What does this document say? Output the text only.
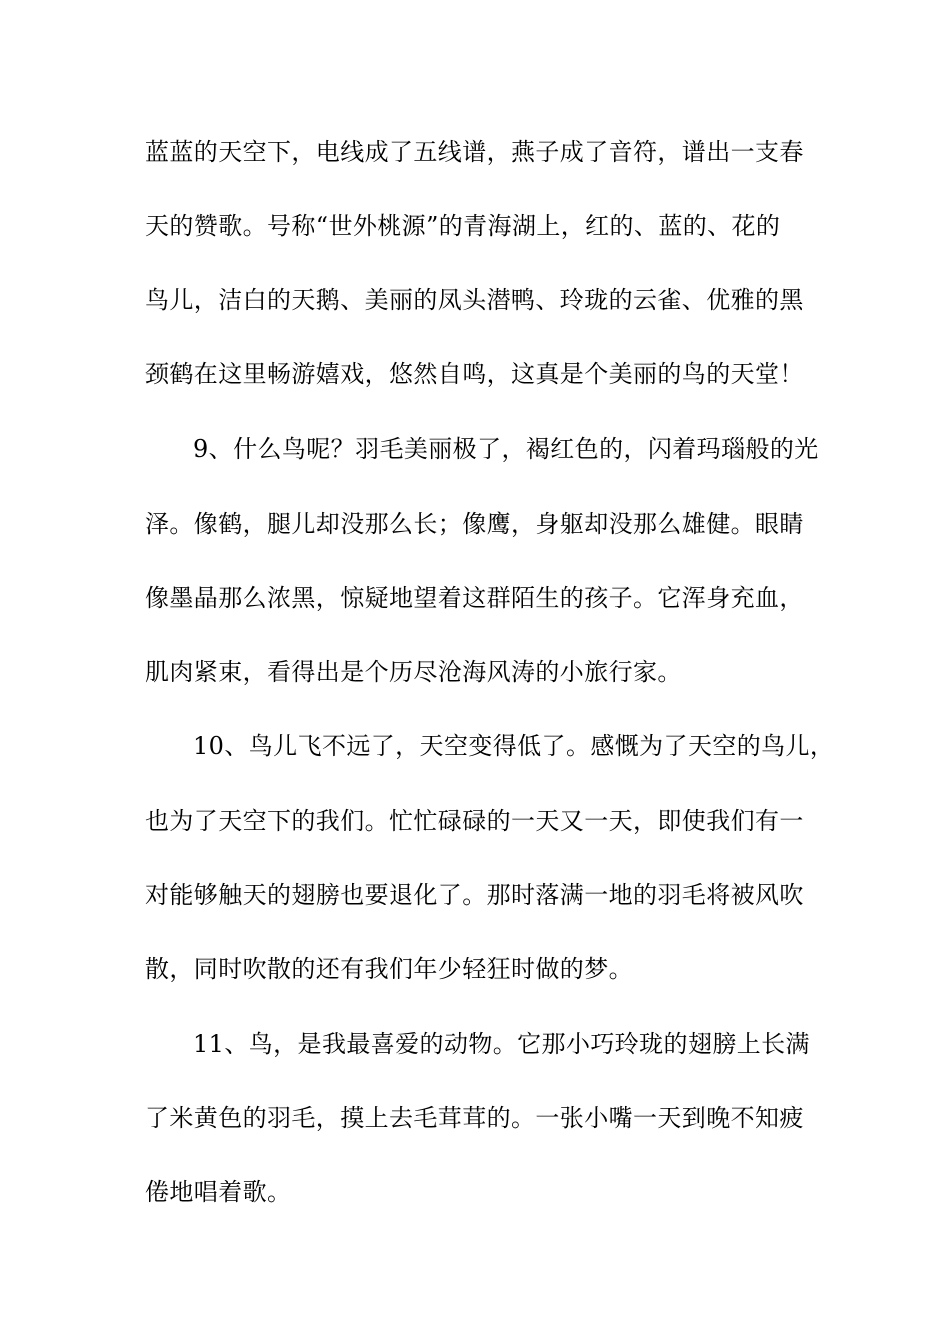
蓝蓝的天空下，电线成了五线谱，燕子成了音符，谱出一支春
天的赞歌。号称“世外桃源”的青海湖上，红的、蓝的、花的
鸟儿，洁白的天鹅、美丽的凤头潜鸭、玲珑的云雀、优雅的黑
颈鹤在这里畅游嬉戏，悠然自鸣，这真是个美丽的鸟的天堂！
9、什么鸟呢？羽毛美丽极了，褐红色的，闪着玛瑙般的光
泽。像鹤，腿儿却没那么长；像鹰，身躯却没那么雄健。眼睛
像墨晶那么浓黑，惊疑地望着这群陌生的孩子。它浑身充血，
肌肉紧束，看得出是个历尽沧海风涛的小旅行家。
10、鸟儿飞不远了，天空变得低了。感慨为了天空的鸟儿，
也为了天空下的我们。忙忙碌碌的一天又一天，即使我们有一
对能够触天的翅膀也要退化了。那时落满一地的羽毛将被风吹
散，同时吹散的还有我们年少轻狂时做的梦。
11、鸟，是我最喜爱的动物。它那小巧玲珑的翅膀上长满
了米黄色的羽毛，摸上去毛茸茸的。一张小嘴一天到晚不知疲
倦地唱着歌。
